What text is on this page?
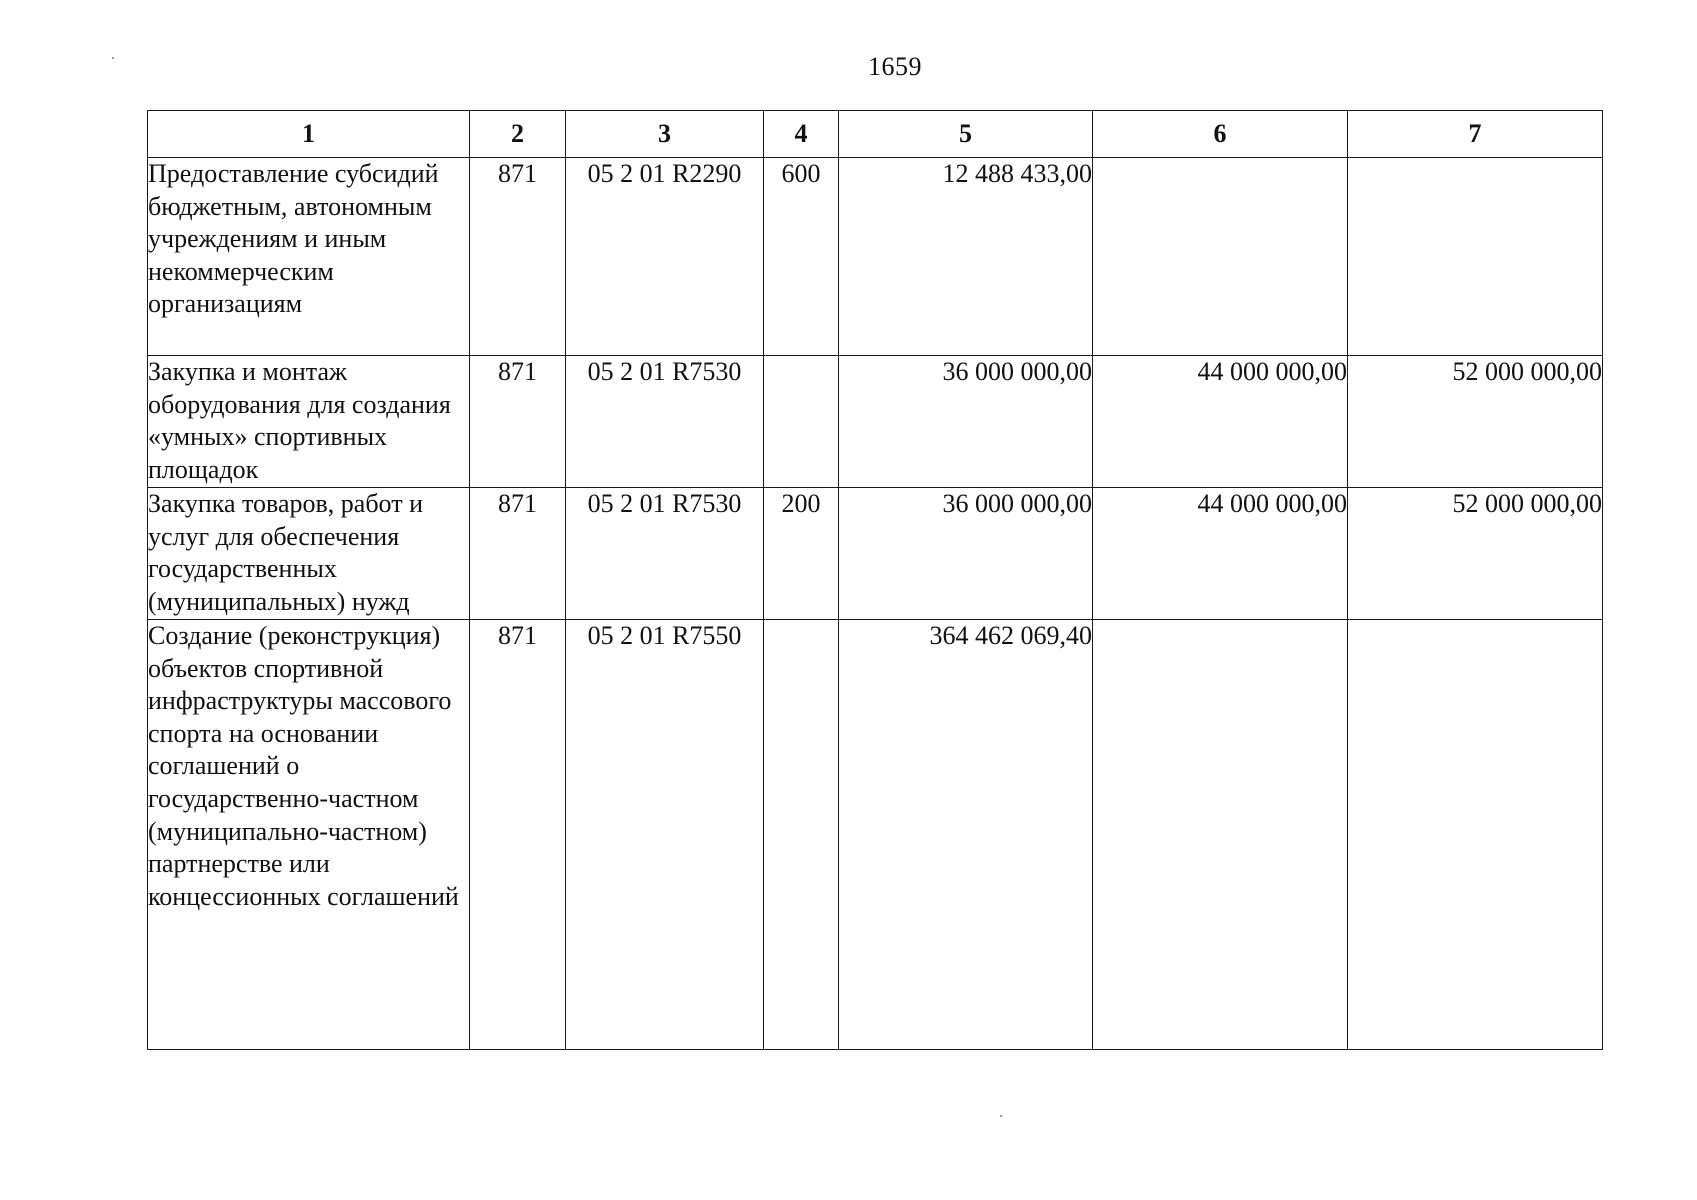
1659
1	2	3	4	5	6	7
Предоставление субсидий бюджетным, автономным учреждениям и иным некоммерческим организациям	871	05 2 01 R2290	600	12 488 433,00		
Закупка и монтаж оборудования для создания «умных» спортивных площадок	871	05 2 01 R7530		36 000 000,00	44 000 000,00	52 000 000,00
Закупка товаров, работ и услуг для обеспечения государственных (муниципальных) нужд	871	05 2 01 R7530	200	36 000 000,00	44 000 000,00	52 000 000,00
Создание (реконструкция) объектов спортивной инфраструктуры массового спорта на основании соглашений о государственно-частном (муниципально-частном) партнерстве или концессионных соглашений	871	05 2 01 R7550		364 462 069,40		
